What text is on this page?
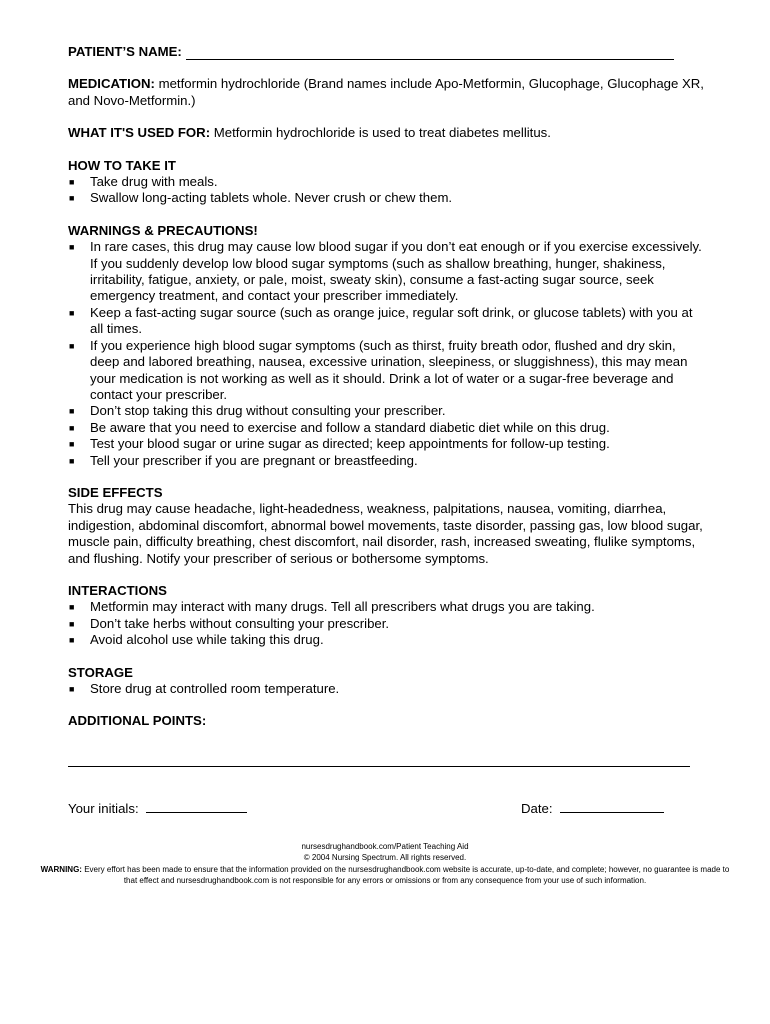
PATIENT’S NAME:

MEDICATION: metformin hydrochloride (Brand names include Apo-Metformin, Glucophage, Glucophage XR, and Novo-Metformin.)

WHAT IT'S USED FOR: Metformin hydrochloride is used to treat diabetes mellitus.

HOW TO TAKE IT
■ Take drug with meals.
■ Swallow long-acting tablets whole. Never crush or chew them.
WARNINGS & PRECAUTIONS!
■ In rare cases, this drug may cause low blood sugar if you don’t eat enough or if you exercise excessively. If you suddenly develop low blood sugar symptoms (such as shallow breathing, hunger, shakiness, irritability, fatigue, anxiety, or pale, moist, sweaty skin), consume a fast-acting sugar source, seek emergency treatment, and contact your prescriber immediately.
■ Keep a fast-acting sugar source (such as orange juice, regular soft drink, or glucose tablets) with you at all times.
■ If you experience high blood sugar symptoms (such as thirst, fruity breath odor, flushed and dry skin, deep and labored breathing, nausea, excessive urination, sleepiness, or sluggishness), this may mean your medication is not working as well as it should. Drink a lot of water or a sugar-free beverage and contact your prescriber.
■ Don’t stop taking this drug without consulting your prescriber.
■ Be aware that you need to exercise and follow a standard diabetic diet while on this drug.
■ Test your blood sugar or urine sugar as directed; keep appointments for follow-up testing.
■ Tell your prescriber if you are pregnant or breastfeeding.
SIDE EFFECTS

This drug may cause headache, light-headedness, weakness, palpitations, nausea, vomiting, diarrhea, indigestion, abdominal discomfort, abnormal bowel movements, taste disorder, passing gas, low blood sugar, muscle pain, difficulty breathing, chest discomfort, nail disorder, rash, increased sweating, flulike symptoms, and flushing. Notify your prescriber of serious or bothersome symptoms.

INTERACTIONS
■ Metformin may interact with many drugs. Tell all prescribers what drugs you are taking.
■ Don’t take herbs without consulting your prescriber.
■ Avoid alcohol use while taking this drug.
STORAGE
■ Store drug at controlled room temperature.
ADDITIONAL POINTS:
Your initials:	Date:
nursesdrughandbook.com/Patient Teaching Aid
© 2004 Nursing Spectrum. All rights reserved.
WARNING: Every effort has been made to ensure that the information provided on the nursesdrughandbook.com website is accurate, up-to-date, and complete; however, no guarantee is made to that effect and nursesdrughandbook.com is not responsible for any errors or omissions or from any consequence from your use of such information.
